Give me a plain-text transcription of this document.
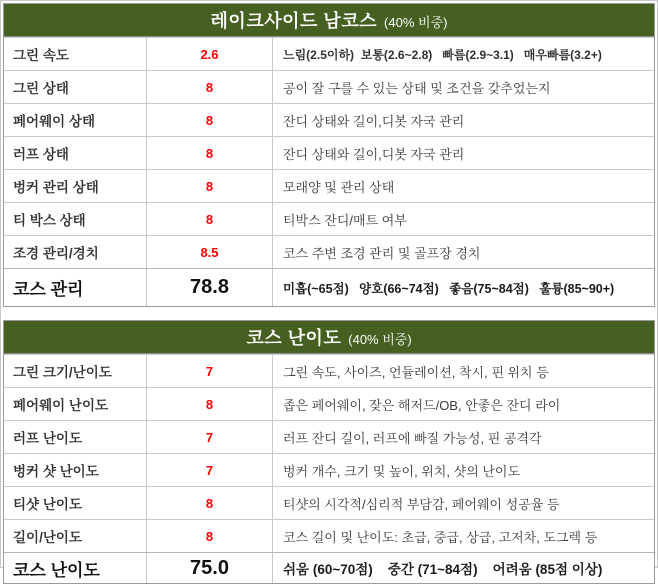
레이크사이드 남코스 (40% 비중)
그린 속도	2.6	느림(2.5이하)  보통(2.6~2.8)   빠름(2.9~3.1)   매우빠름(3.2+)
그린 상태	8	공이 잘 구를 수 있는 상태 및 조건을 갖추었는지
페어웨이 상태	8	잔디 상태와 길이,디봇 자국 관리
러프 상태	8	잔디 상태와 길이,디봇 자국 관리
벙커 관리 상태	8	모래양 및 관리 상태
티 박스 상태	8	티박스 잔디/매트 여부
조경 관리/경치	8.5	코스 주변 조경 관리 및 골프장 경치
코스 관리	78.8	미흡(~65점)   양호(66~74점)   좋음(75~84점)   훌륭(85~90+)
코스 난이도 (40% 비중)
그린 크기/난이도	7	그린 속도, 사이즈, 언듈레이션, 착시, 핀 위치 등
페어웨이 난이도	8	좁은 페어웨이, 잦은 해저드/OB, 안좋은 잔디 라이
러프 난이도	7	러프 잔디 길이, 러프에 빠질 가능성, 핀 공격각
벙커 샷 난이도	7	벙커 개수, 크기 및 높이, 위치, 샷의 난이도
티샷 난이도	8	티샷의 시각적/심리적 부담감, 페어웨이 성공율 등
길이/난이도	8	코스 길이 및 난이도: 초급, 중급, 상급, 고저차, 도그렉 등
코스 난이도	75.0	쉬움 (60~70점)    중간 (71~84점)    어려움 (85점 이상)
